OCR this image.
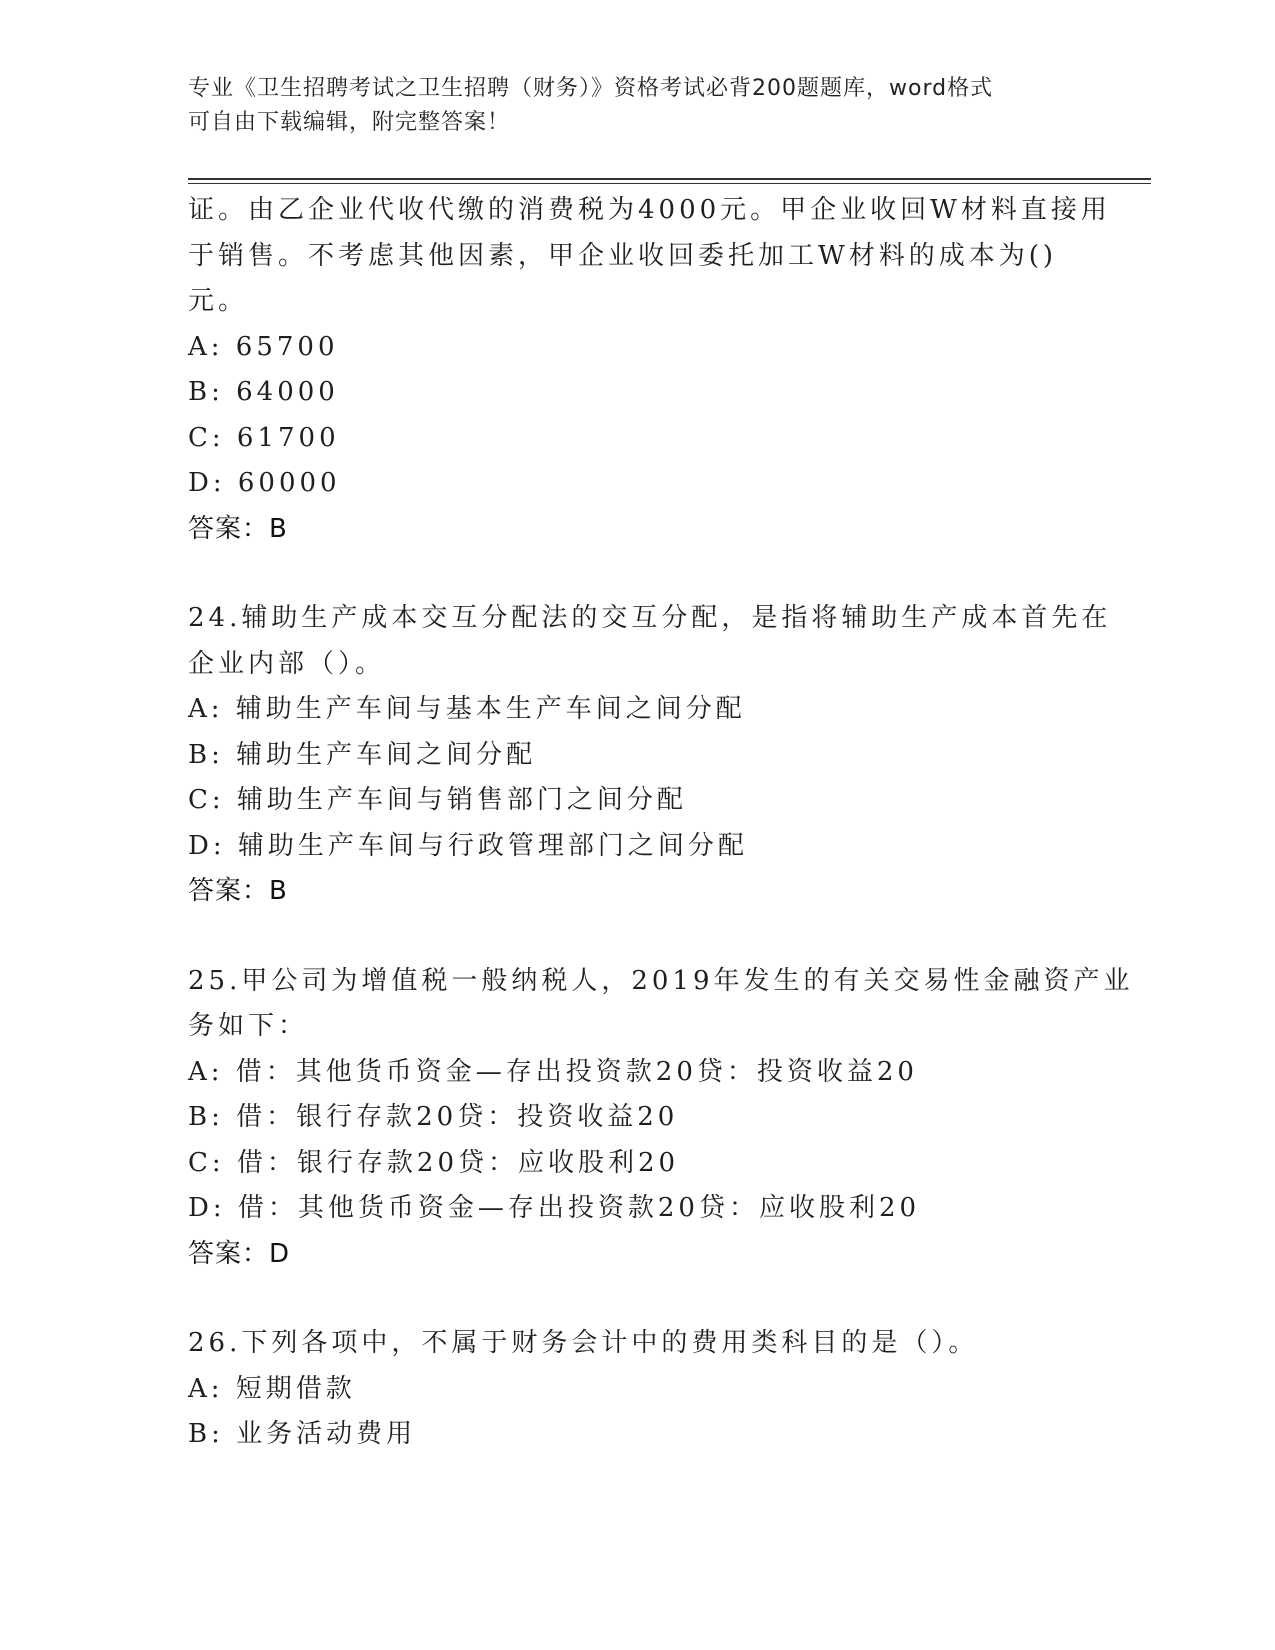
专业《卫生招聘考试之卫生招聘（财务）》资格考试必背200题题库，word格式
可自由下载编辑，附完整答案！
证。由乙企业代收代缴的消费税为4000元。甲企业收回W材料直接用
于销售。不考虑其他因素，甲企业收回委托加工W材料的成本为()
元。
A: 65700
B: 64000
C: 61700
D: 60000
答案：B
24.辅助生产成本交互分配法的交互分配，是指将辅助生产成本首先在
企业内部（）。
A: 辅助生产车间与基本生产车间之间分配
B: 辅助生产车间之间分配
C: 辅助生产车间与销售部门之间分配
D: 辅助生产车间与行政管理部门之间分配
答案：B
25.甲公司为增值税一般纳税人，2019年发生的有关交易性金融资产业
务如下：
A: 借：其他货币资金—存出投资款20贷：投资收益20
B: 借：银行存款20贷：投资收益20
C: 借：银行存款20贷：应收股利20
D: 借：其他货币资金—存出投资款20贷：应收股利20
答案：D
26.下列各项中，不属于财务会计中的费用类科目的是（）。
A: 短期借款
B: 业务活动费用
